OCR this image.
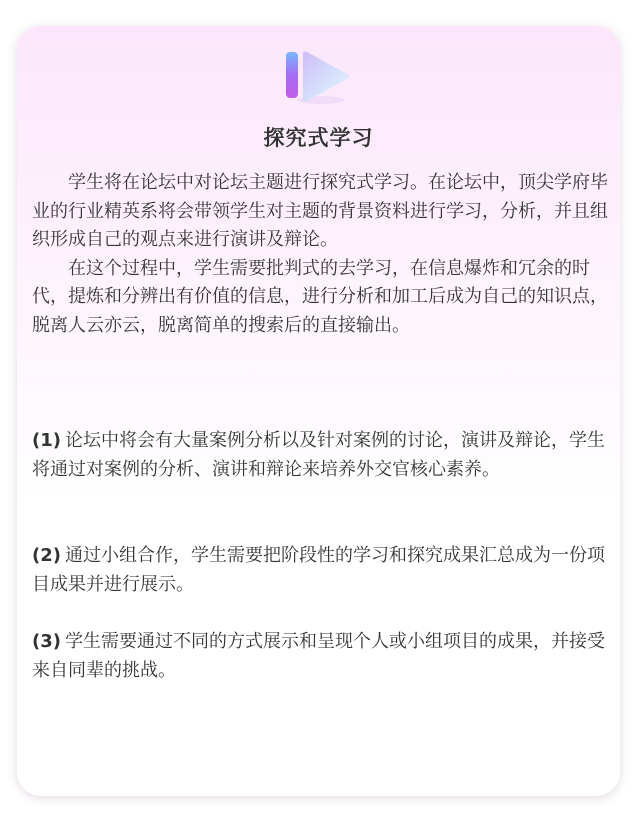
探究式学习

学生将在论坛中对论坛主题进行探究式学习。在论坛中，顶尖学府毕业的行业精英系将会带领学生对主题的背景资料进行学习，分析，并且组织形成自己的观点来进行演讲及辩论。

在这个过程中，学生需要批判式的去学习，在信息爆炸和冗余的时代，提炼和分辨出有价值的信息，进行分析和加工后成为自己的知识点，脱离人云亦云，脱离简单的搜索后的直接输出。

(1) 论坛中将会有大量案例分析以及针对案例的讨论，演讲及辩论，学生将通过对案例的分析、演讲和辩论来培养外交官核心素养。

(2) 通过小组合作，学生需要把阶段性的学习和探究成果汇总成为一份项目成果并进行展示。

(3) 学生需要通过不同的方式展示和呈现个人或小组项目的成果，并接受来自同辈的挑战。
